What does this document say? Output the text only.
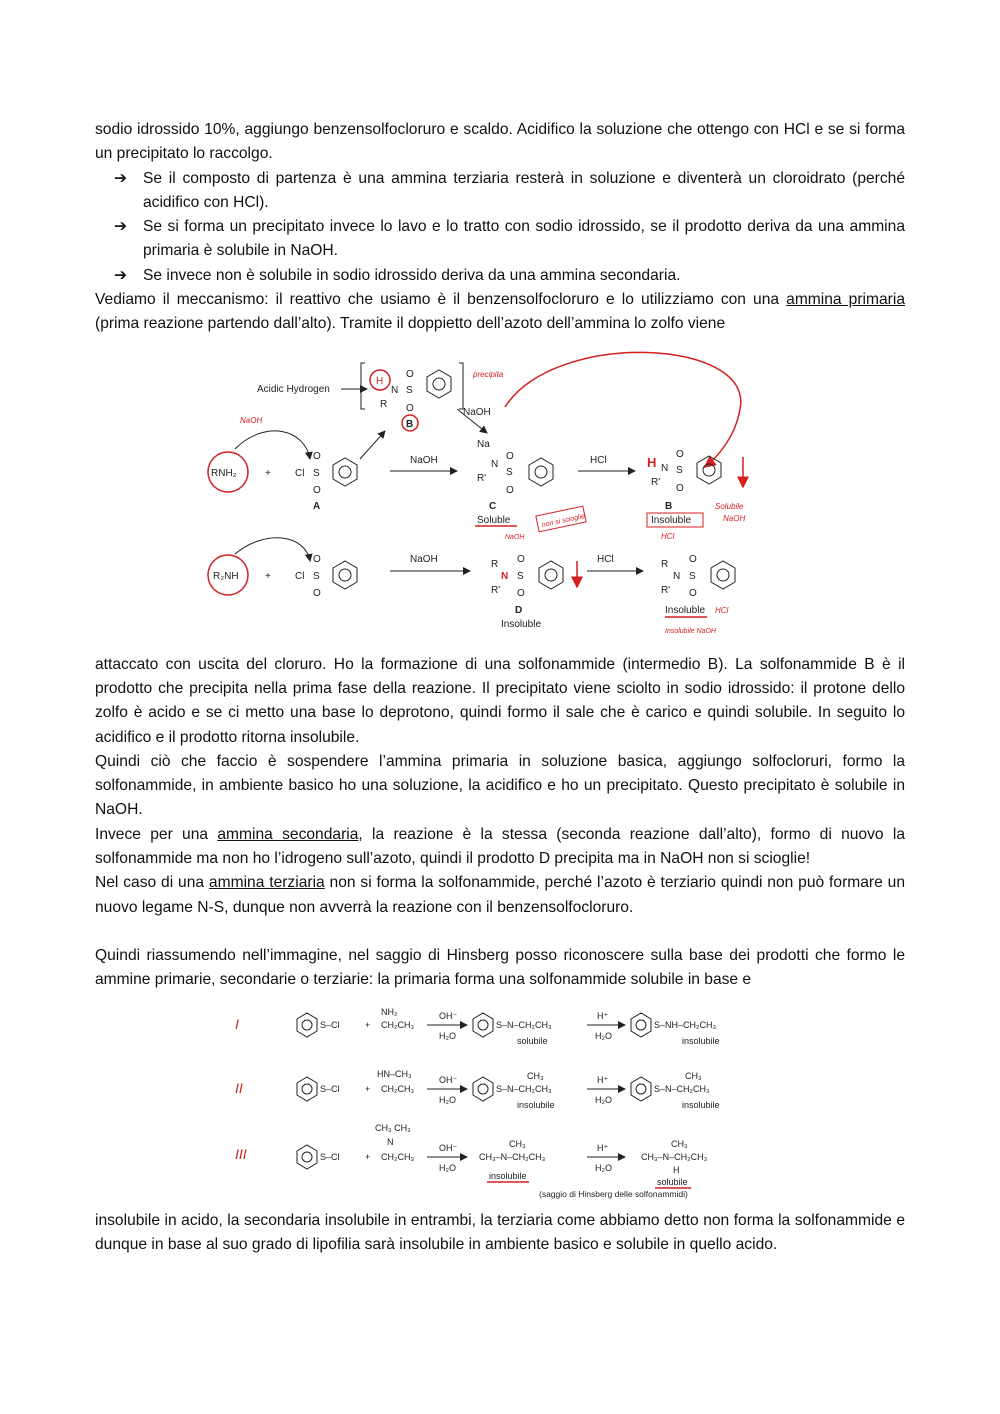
sodio idrossido 10%, aggiungo benzensolfocloruro e scaldo. Acidifico la soluzione che ottengo con HCl e se si forma un precipitato lo raccolgo.

➔ Se il composto di partenza è una ammina terziaria resterà in soluzione e diventerà un cloroidrato (perché acidifico con HCl).
➔ Se si forma un precipitato invece lo lavo e lo tratto con sodio idrossido, se il prodotto deriva da una ammina primaria è solubile in NaOH.
➔ Se invece non è solubile in sodio idrossido deriva da una ammina secondaria.

Vediamo il meccanismo: il reattivo che usiamo è il benzensolfocloruro e lo utilizziamo con una ammina primaria (prima reazione partendo dall’alto). Tramite il doppietto dell’azoto dell’ammina lo zolfo viene

Acidic Hydrogen
H
N
R
S
O
O
B
precipita
NaOH
NaOH
RNH₂	+ Cl S
O
O
A
NaOH
Na
N
R'
S
O
O
C
Soluble
HCl	H N
R'
S
O
O
B
Insoluble
HCl
Solubile
NaOH
non si scioglie
NaOH
R₂NH	+ Cl S
O
O
NaOH	R
N
R'
S
O
O
D
Insoluble
HCl	R
N
R'
S
O
O
Insoluble HCl
Insolubile NaOH

attaccato con uscita del cloruro. Ho la formazione di una solfonammide (intermedio B). La solfonammide B è il prodotto che precipita nella prima fase della reazione. Il precipitato viene sciolto in sodio idrossido: il protone dello zolfo è acido e se ci metto una base lo deprotono, quindi formo il sale che è carico e quindi solubile. In seguito lo acidifico e il prodotto ritorna insolubile.

Quindi ciò che faccio è sospendere l’ammina primaria in soluzione basica, aggiungo solfocloruri, formo la solfonammide, in ambiente basico ho una soluzione, la acidifico e ho un precipitato. Questo precipitato è solubile in NaOH.

Invece per una ammina secondaria, la reazione è la stessa (seconda reazione dall’alto), formo di nuovo la solfonammide ma non ho l’idrogeno sull’azoto, quindi il prodotto D precipita ma in NaOH non si scioglie!

Nel caso di una ammina terziaria non si forma la solfonammide, perché l’azoto è terziario quindi non può formare un nuovo legame N-S, dunque non avverrà la reazione con il benzensolfocloruro.

Quindi riassumendo nell’immagine, nel saggio di Hinsberg posso riconoscere sulla base dei prodotti che formo le ammine primarie, secondarie o terziarie: la primaria forma una solfonammide solubile in base e

I
II
III
S–Cl	+
NH₂
CH₂CH₃
OH⁻
H₂O
S–N–CH₂CH₃
solubile
H⁺
H₂O
S–NH–CH₂CH₃
insolubile
S–Cl	+
HN–CH₃
CH₂CH₃
OH⁻
H₂O
CH₃
S–N–CH₂CH₃
insolubile
H⁺
H₂O
CH₃
S–N–CH₂CH₃
insolubile
S–Cl	+
CH₃ CH₃
N
CH₂CH₃
OH⁻
H₂O
CH₃
CH₃–N–CH₂CH₃
insolubile
H⁺
H₂O
CH₃
CH₃–N–CH₂CH₃
H
solubile
(saggio di Hinsberg delle solfonammidi)

insolubile in acido, la secondaria insolubile in entrambi, la terziaria come abbiamo detto non forma la solfonammide e dunque in base al suo grado di lipofilia sarà insolubile in ambiente basico e solubile in quello acido.
